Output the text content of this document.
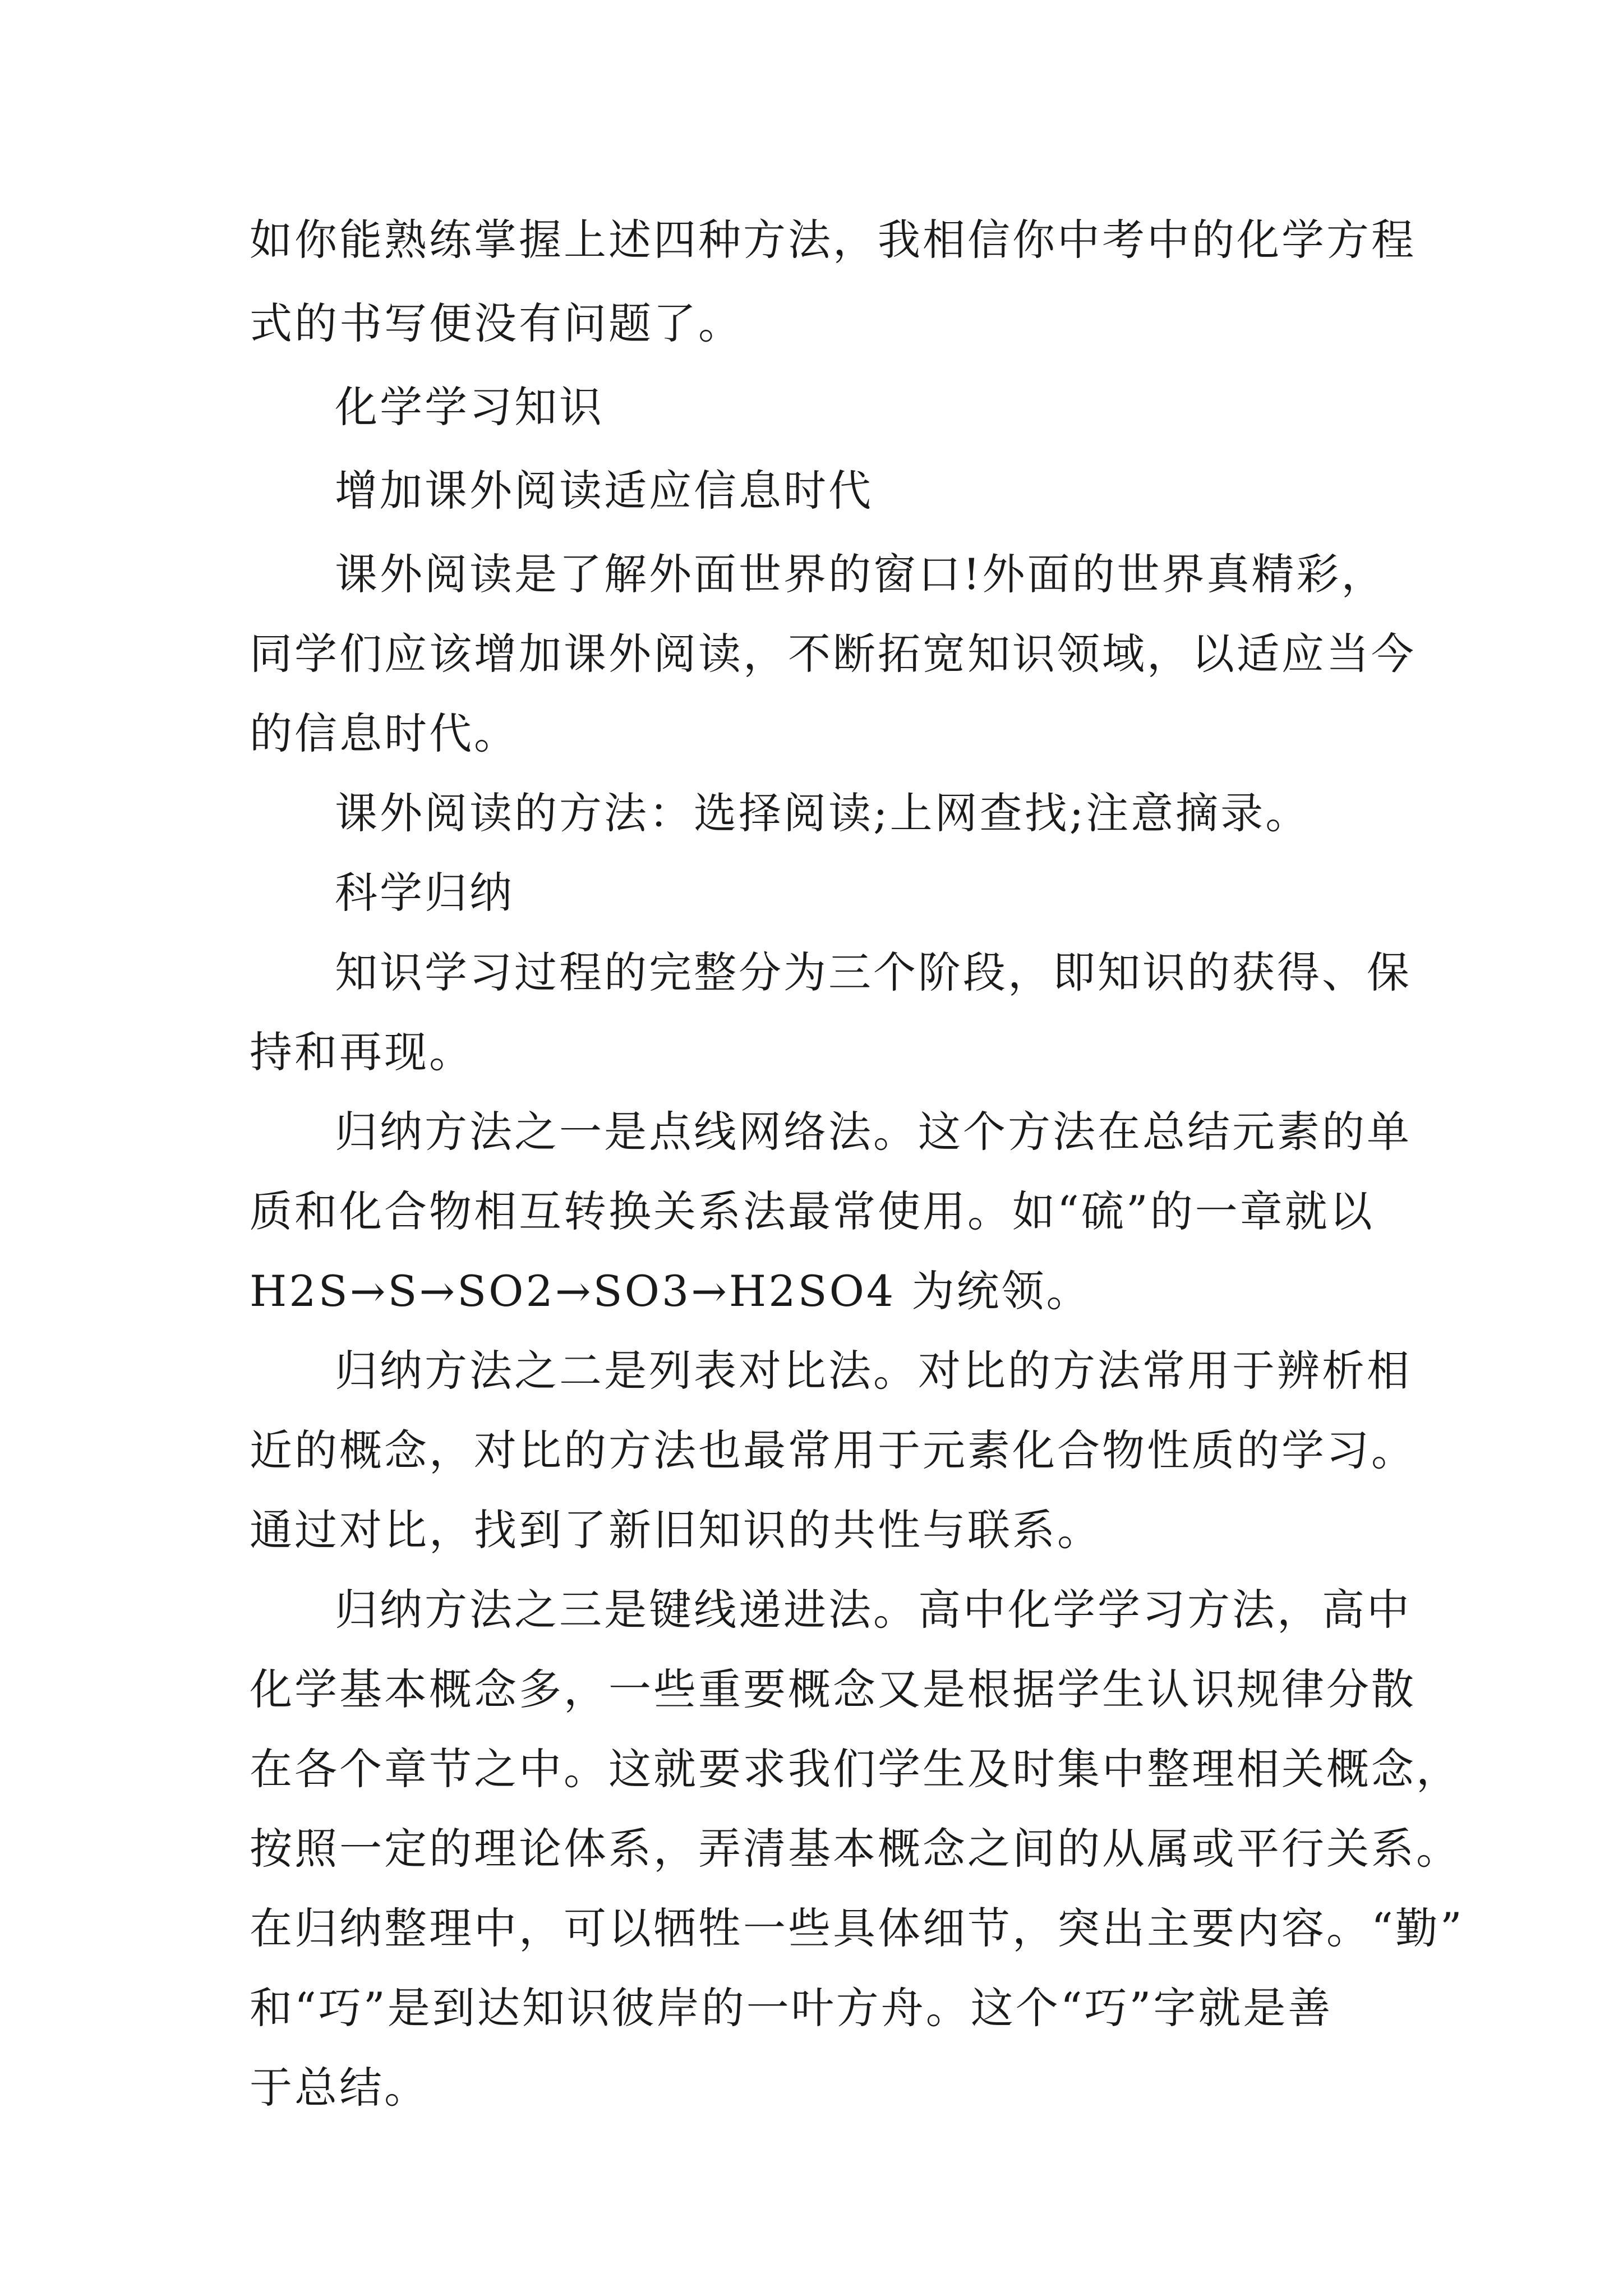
如你能熟练掌握上述四种方法，我相信你中考中的化学方程
式的书写便没有问题了。
化学学习知识
增加课外阅读适应信息时代
课外阅读是了解外面世界的窗口!外面的世界真精彩，
同学们应该增加课外阅读，不断拓宽知识领域，以适应当今
的信息时代。
课外阅读的方法：选择阅读;上网查找;注意摘录。
科学归纳
知识学习过程的完整分为三个阶段，即知识的获得、保
持和再现。
归纳方法之一是点线网络法。这个方法在总结元素的单
质和化合物相互转换关系法最常使用。如“硫”的一章就以
H2S→S→SO2→SO3→H2SO4 为统领。
归纳方法之二是列表对比法。对比的方法常用于辨析相
近的概念，对比的方法也最常用于元素化合物性质的学习。
通过对比，找到了新旧知识的共性与联系。
归纳方法之三是键线递进法。高中化学学习方法，高中
化学基本概念多，一些重要概念又是根据学生认识规律分散
在各个章节之中。这就要求我们学生及时集中整理相关概念，
按照一定的理论体系，弄清基本概念之间的从属或平行关系。
在归纳整理中，可以牺牲一些具体细节，突出主要内容。“勤”
和“巧”是到达知识彼岸的一叶方舟。这个“巧”字就是善
于总结。
